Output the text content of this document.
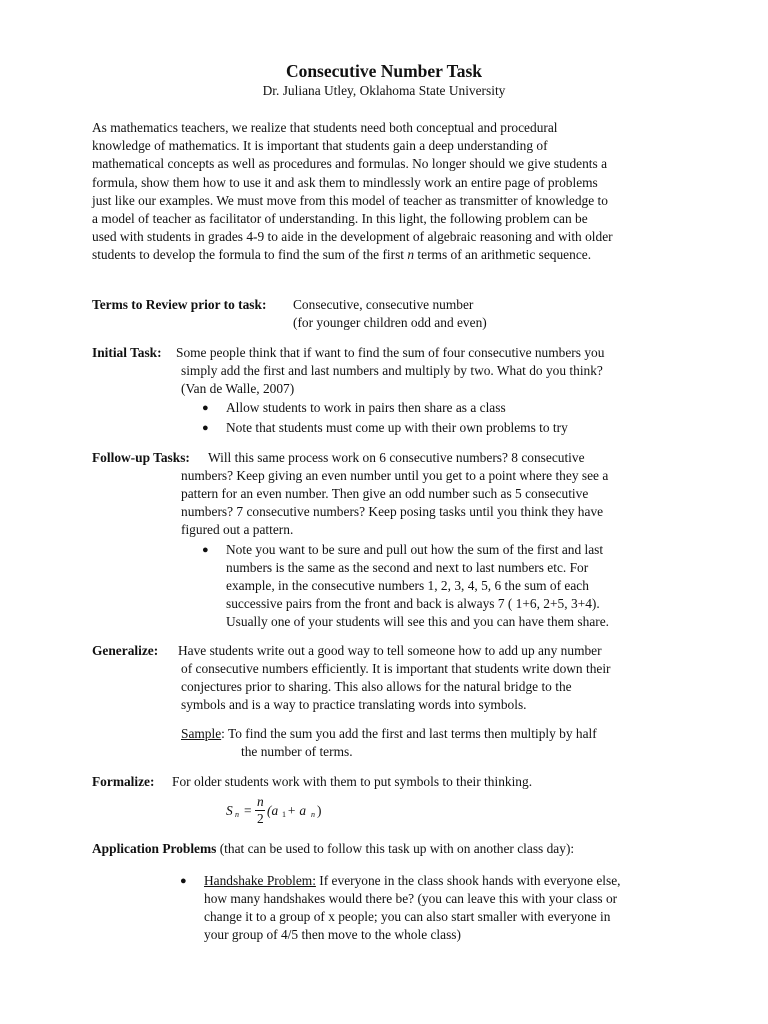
Consecutive Number Task
Dr. Juliana Utley, Oklahoma State University
As mathematics teachers, we realize that students need both conceptual and procedural
knowledge of mathematics. It is important that students gain a deep understanding of
mathematical concepts as well as procedures and formulas. No longer should we give students a
formula, show them how to use it and ask them to mindlessly work an entire page of problems
just like our examples. We must move from this model of teacher as transmitter of knowledge to
a model of teacher as facilitator of understanding. In this light, the following problem can be
used with students in grades 4-9 to aide in the development of algebraic reasoning and with older
students to develop the formula to find the sum of the first n terms of an arithmetic sequence.
Terms to Review prior to task: Consecutive, consecutive number
(for younger children odd and even)
Initial Task: Some people think that if want to find the sum of four consecutive numbers you
simply add the first and last numbers and multiply by two. What do you think?
(Van de Walle, 2007)
● Allow students to work in pairs then share as a class
● Note that students must come up with their own problems to try
Follow-up Tasks: Will this same process work on 6 consecutive numbers? 8 consecutive
numbers? Keep giving an even number until you get to a point where they see a
pattern for an even number. Then give an odd number such as 5 consecutive
numbers? 7 consecutive numbers? Keep posing tasks until you think they have
figured out a pattern.
● Note you want to be sure and pull out how the sum of the first and last
numbers is the same as the second and next to last numbers etc. For
example, in the consecutive numbers 1, 2, 3, 4, 5, 6 the sum of each
successive pairs from the front and back is always 7 ( 1+6, 2+5, 3+4).
Usually one of your students will see this and you can have them share.
Generalize: Have students write out a good way to tell someone how to add up any number
of consecutive numbers efficiently. It is important that students write down their
conjectures prior to sharing. This also allows for the natural bridge to the
symbols and is a way to practice translating words into symbols.
Sample: To find the sum you add the first and last terms then multiply by half
the number of terms.
Formalize: For older students work with them to put symbols to their thinking.
S n =
n
2
(a 1 + a n )
Application Problems (that can be used to follow this task up with on another class day):
● Handshake Problem: If everyone in the class shook hands with everyone else,
how many handshakes would there be? (you can leave this with your class or
change it to a group of x people; you can also start smaller with everyone in
your group of 4/5 then move to the whole class)
